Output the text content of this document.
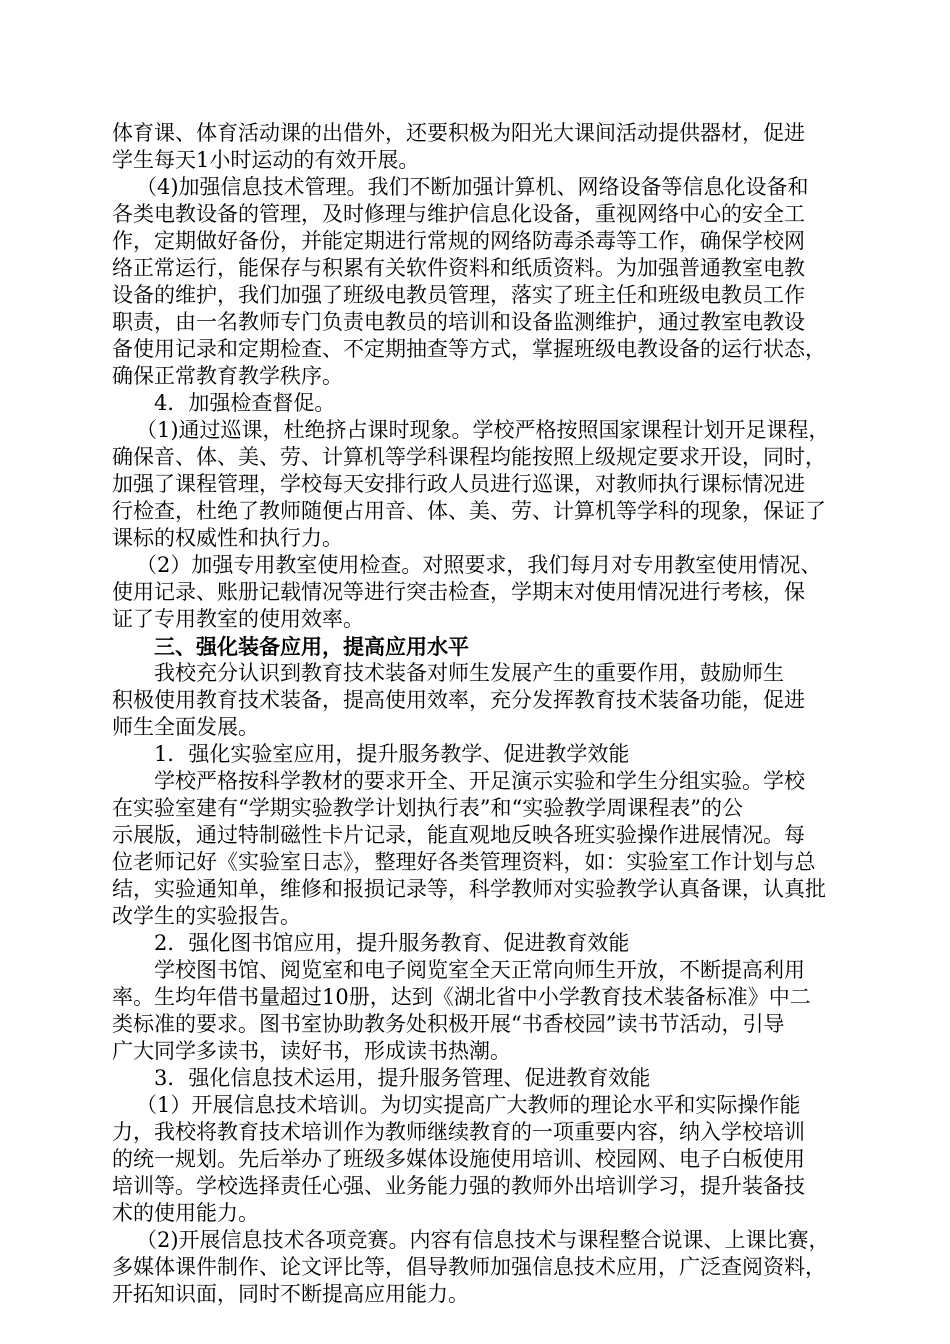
体育课、体育活动课的出借外，还要积极为阳光大课间活动提供器材，促进
学生每天1小时运动的有效开展。
（4)加强信息技术管理。我们不断加强计算机、网络设备等信息化设备和
各类电教设备的管理，及时修理与维护信息化设备，重视网络中心的安全工
作，定期做好备份，并能定期进行常规的网络防毒杀毒等工作，确保学校网
络正常运行，能保存与积累有关软件资料和纸质资料。为加强普通教室电教
设备的维护，我们加强了班级电教员管理，落实了班主任和班级电教员工作
职责，由一名教师专门负责电教员的培训和设备监测维护，通过教室电教设
备使用记录和定期检查、不定期抽查等方式，掌握班级电教设备的运行状态，
确保正常教育教学秩序。
4．加强检查督促。
（1)通过巡课，杜绝挤占课时现象。学校严格按照国家课程计划开足课程，
确保音、体、美、劳、计算机等学科课程均能按照上级规定要求开设，同时，
加强了课程管理，学校每天安排行政人员进行巡课，对教师执行课标情况进
行检查，杜绝了教师随便占用音、体、美、劳、计算机等学科的现象，保证了
课标的权威性和执行力。
（2）加强专用教室使用检查。对照要求，我们每月对专用教室使用情况、
使用记录、账册记载情况等进行突击检查，学期末对使用情况进行考核，保
证了专用教室的使用效率。
三、强化装备应用，提高应用水平
我校充分认识到教育技术装备对师生发展产生的重要作用，鼓励师生
积极使用教育技术装备，提高使用效率，充分发挥教育技术装备功能，促进
师生全面发展。
1．强化实验室应用，提升服务教学、促进教学效能
学校严格按科学教材的要求开全、开足演示实验和学生分组实验。学校
在实验室建有“学期实验教学计划执行表”和“实验教学周课程表”的公
示展版，通过特制磁性卡片记录，能直观地反映各班实验操作进展情况。每
位老师记好《实验室日志》，整理好各类管理资料，如：实验室工作计划与总
结，实验通知单，维修和报损记录等，科学教师对实验教学认真备课，认真批
改学生的实验报告。
2．强化图书馆应用，提升服务教育、促进教育效能
学校图书馆、阅览室和电子阅览室全天正常向师生开放，不断提高利用
率。生均年借书量超过10册，达到《湖北省中小学教育技术装备标准》中二
类标准的要求。图书室协助教务处积极开展“书香校园”读书节活动，引导
广大同学多读书，读好书，形成读书热潮。
3．强化信息技术运用，提升服务管理、促进教育效能
（1）开展信息技术培训。为切实提高广大教师的理论水平和实际操作能
力，我校将教育技术培训作为教师继续教育的一项重要内容，纳入学校培训
的统一规划。先后举办了班级多媒体设施使用培训、校园网、电子白板使用
培训等。学校选择责任心强、业务能力强的教师外出培训学习，提升装备技
术的使用能力。
（2)开展信息技术各项竞赛。内容有信息技术与课程整合说课、上课比赛，
多媒体课件制作、论文评比等，倡导教师加强信息技术应用，广泛查阅资料，
开拓知识面，同时不断提高应用能力。
